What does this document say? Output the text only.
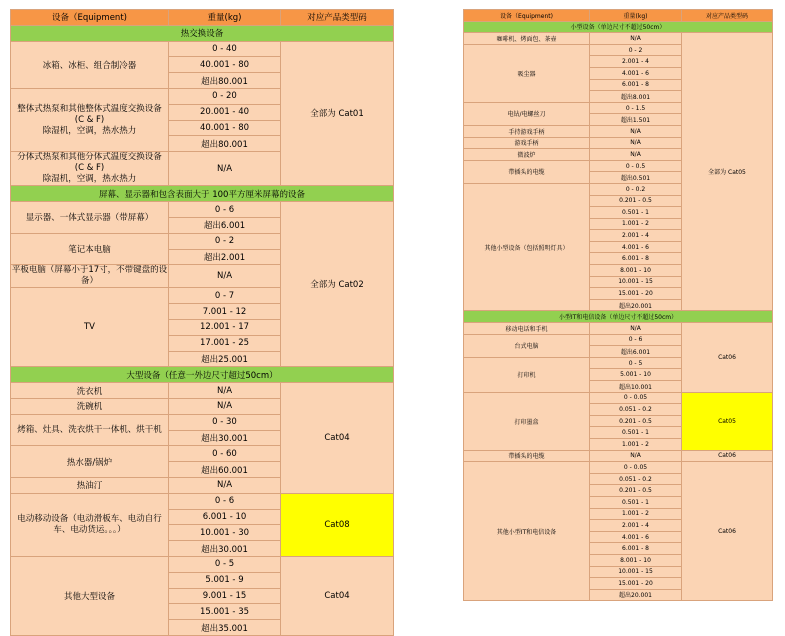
设备（Equipment)	重量(kg)	对应产品类型码
热交换设备		
冰箱、冰柜、组合制冷器	0 - 40	全部为 Cat01
	40.001 - 80	
	超出80.001	

整体式热泵和其他整体式温度交换设备
(C & F)
除湿机，空调，热水热力	0 - 20	
	20.001 - 40	
	40.001 - 80	
	超出80.001	

分体式热泵和其他分体式温度交换设备
(C & F)
除湿机，空调，热水热力	N/A	

屏幕、显示器和包含表面大于 100平方厘米屏幕的设备		
显示器、一体式显示器（带屏幕）	0 - 6	全部为 Cat02
	超出6.001	
笔记本电脑	0 - 2	
	超出2.001	
平板电脑（屏幕小于17寸，不带键盘的设备）	N/A	

TV	0 - 7	
	7.001 - 12	
	12.001 - 17	
	17.001 - 25	
	超出25.001	
大型设备（任意一外边尺寸超过50cm）		
洗衣机	N/A	Cat04
洗碗机	N/A	
烤箱、灶具、洗衣烘干一体机、烘干机	0 - 30	
	超出30.001	
热水器/锅炉	0 - 60	
	超出60.001	
热油汀	N/A	

电动移动设备（电动滑板车、电动自行
车、电动货运。。。）	0 - 6	Cat08
	6.001 - 10	
	10.001 - 30	
	超出30.001	
其他大型设备	0 - 5	Cat04
	5.001 - 9	
	9.001 - 15	
	15.001 - 35	
	超出35.001	
设备（Equipment)	重量(kg)	对应产品类型码
小型设备（单边尺寸不超过50cm）		
咖啡机、烤面包、茶壶	N/A	全部为 Cat05
吸尘器	0 - 2	
	2.001 - 4	
	4.001 - 6	
	6.001 - 8	
	超出8.001	
电钻/电螺丝刀	0 - 1.5	
	超出1.501	
手持游戏手柄	N/A	
游戏手柄	N/A	
微波炉	N/A	
带插头的电缆	0 - 0.5	
	超出0.501	
其他小型设备（包括照明灯具）	0 - 0.2	
	0.201 - 0.5	
	0.501 - 1	
	1.001 - 2	
	2.001 - 4	
	4.001 - 6	
	6.001 - 8	
	8.001 - 10	
	10.001 - 15	
	15.001 - 20	
	超出20.001	
小型IT和电信设备（单边尺寸不超过50cm）		
移动电话和手机	N/A	Cat06
台式电脑	0 - 6	
	超出6.001	
打印机	0 - 5	
	5.001 - 10	
	超出10.001	
打印墨盒	0 - 0.05	Cat05
	0.051 - 0.2	
	0.201 - 0.5	
	0.501 - 1	
	1.001 - 2	
带插头的电缆	N/A	Cat06
其他小型IT和电信设备	0 - 0.05	Cat06
	0.051 - 0.2	
	0.201 - 0.5	
	0.501 - 1	
	1.001 - 2	
	2.001 - 4	
	4.001 - 6	
	6.001 - 8	
	8.001 - 10	
	10.001 - 15	
	15.001 - 20	
	超出20.001	
